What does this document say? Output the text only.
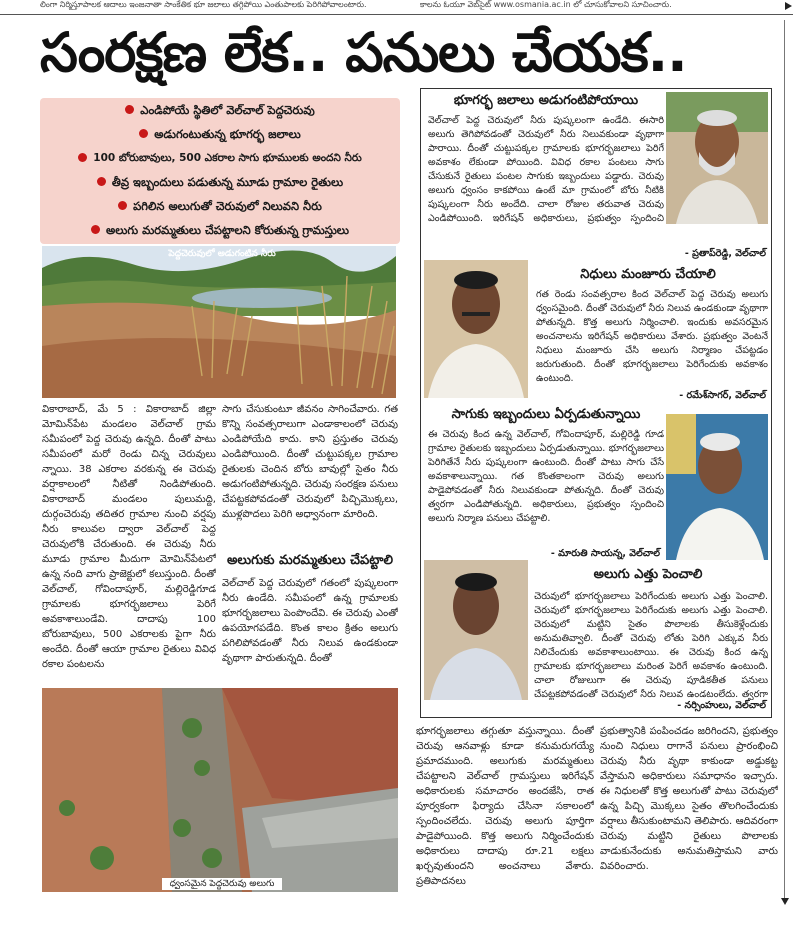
లింగా నిర్మిస్తూపాలక ఆదాలు ఇంజనాతా సాంకేతిక భూ జలాలు తగ్గిపోయి ఎంతుపాలకు పెరిగిపోవాలంటారు.	కాలను ఓయూ వెబ్‌సైట్ www.osmania.ac.in లో చూసుకోవాలని సూచించారు.
సంరక్షణ లేక.. పనులు చేయక..
ఎండిపోయే స్థితిలో వెల్‌చాల్ పెద్దచెరువు
అడుగంటుతున్న భూగర్భ జలాలు
100 బోరుబావులు, 500 ఎకరాల సాగు భూములకు అందని నీరు
తీవ్ర ఇబ్బందులు పడుతున్న మూడు గ్రామాల రైతులు
పగిలిన అలుగుతో చెరువులో నిలువని నీరు
అలుగు మరమ్మతులు చేపట్టాలని కోరుతున్న గ్రామస్తులు
పెద్దచెరువులో అడుగంటిన నీరు
వికారాబాద్, మే 5 : వికారాబాద్ జిల్లా మోమిన్‌పేట మండలం వెల్‌చాల్ గ్రామ సమీపంలో పెద్ద చెరువు ఉన్నది. దీంతో పాటు సమీపంలో మరో రెండు చిన్న చెరువులు న్నాయి. 38 ఎకరాల వరకున్న ఈ చెరువు వర్షాకాలంలో నీటితో నిండిపోతుంది. వికారాబాద్ మండలం పులుమద్ది, దుర్గంచెరువు తదితర గ్రామాల నుంచి వర్షపు నీరు కాలువల ద్వారా వెల్‌చాల్ పెద్ద చెరువులోకి చేరుతుంది. ఈ చెరువు నీరు మూడు గ్రామాల మీదుగా మోమిన్‌పేటలో ఉన్న నంది వాగు ప్రాజెక్టులో కలుస్తుంది. దీంతో వెల్‌చాల్, గోవిందాపూర్, మల్లిరెడ్డిగూడ గ్రామాలకు భూగర్భజలాలు పెరిగే అవకాశాలుండేవి. దాదాపు 100 బోరుబావులు, 500 ఎకరాలకు పైగా నీరు అందేది. దీంతో ఆయా గ్రామాల రైతులు వివిధ రకాల పంటలను
సాగు చేసుకుంటూ జీవనం సాగించేవారు. గత కొన్ని సంవత్సరాలుగా ఎండాకాలంలో చెరువు ఎండిపోయేది కాదు. కాని ప్రస్తుతం చెరువు ఎండిపోయింది. దీంతో చుట్టుపక్కల గ్రామాల రైతులకు చెందిన బోరు బావుల్లో సైతం నీరు అడుగంటిపోతున్నది. చెరువు సంరక్షణ పనులు చేపట్టకపోవడంతో చెరువులో పిచ్చిమొక్కలు, ముళ్లపొదలు పెరిగి అధ్వానంగా మారింది.
అలుగుకు మరమ్మతులు చేపట్టాలి
వెల్‌చాల్ పెద్ద చెరువులో గతంలో పుష్కలంగా నీరు ఉండేది. సమీపంలో ఉన్న గ్రామాలకు భూగర్భజలాలు పెంపొందేవి. ఈ చెరువు ఎంతో ఉపయోగపడేది. కొంత కాలం క్రితం అలుగు పగిలిపోవడంతో నీరు నిలువ ఉండకుండా వృథాగా పారుతున్నది. దీంతో
ధ్వంసమైన పెద్దచెరువు అలుగు
భూగర్భ జలాలు అడుగంటిపోయాయి
వెల్‌చాల్ పెద్ద చెరువులో నీరు పుష్కలంగా ఉండేది. ఈసారి అలుగు తెగిపోవడంతో చెరువులో నీరు నిలువకుండా వృథాగా పారాయి. దీంతో చుట్టుపక్కల గ్రామాలకు భూగర్భజలాలు పెరిగే అవకాశం లేకుండా పోయింది. వివిధ రకాల పంటలు సాగు చేసుకునే రైతులు పంటల సాగుకు ఇబ్బందులు పడ్డారు. చెరువు అలుగు ధ్వంసం కాకపోయి ఉంటే మా గ్రామంలో బోరు నీటికి పుష్కలంగా నీరు అందేది. చాలా రోజుల తరువాత చెరువు ఎండిపోయింది. ఇరిగేషన్ అధికారులు, ప్రభుత్వం స్పందించి
- ప్రతాప్‌రెడ్డి, వెల్‌చాల్
నిధులు మంజూరు చేయాలి
గత రెండు సంవత్సరాల కింద వెల్‌చాల్ పెద్ద చెరువు అలుగు ధ్వంసమైంది. దీంతో చెరువులో నీరు నిలువ ఉండకుండా వృథాగా పోతున్నది. కొత్త అలుగు నిర్మించాలి. ఇందుకు అవసరమైన అంచనాలను ఇరిగేషన్ అధికారులు వేశారు. ప్రభుత్వం వెంటనే నిధులు మంజూరు చేసి అలుగు నిర్మాణం చేపట్టడం జరుగుతుంది. దీంతో భూగర్భజలాలు పెరిగేందుకు అవకాశం ఉంటుంది.
- రమేశ్‌సాగర్, వెల్‌చాల్
సాగుకు ఇబ్బందులు ఏర్పడుతున్నాయి
ఈ చెరువు కింద ఉన్న వెల్‌చాల్, గోవిందాపూర్, మల్లిరెడ్డి గూడ గ్రామాల రైతులకు ఇబ్బందులు ఏర్పడుతున్నాయి. భూగర్భజలాలు పెరిగితేనే నీరు పుష్కలంగా ఉంటుంది. దీంతో పాటు సాగు చేసే అవకాశాలున్నాయి. గత కొంతకాలంగా చెరువు అలుగు పాడైపోవడంతో నీరు నిలువకుండా పోతున్నది. దీంతో చెరువు త్వరగా ఎండిపోతున్నది. అధికారులు, ప్రభుత్వం స్పందించి అలుగు నిర్మాణ పనులు చేపట్టాలి.
- మారుతి సాయన్న, వెల్‌చాల్
అలుగు ఎత్తు పెంచాలి
చెరువులో భూగర్భజలాలు పెరిగేందుకు అలుగు ఎత్తు పెంచాలి. చెరువులో భూగర్భజలాలు పెరిగేందుకు అలుగు ఎత్తు పెంచాలి. చెరువులో మట్టిని సైతం పొలాలకు తీసుకెళ్లేందుకు అనుమతివ్వాలి. దీంతో చెరువు లోతు పెరిగి ఎక్కువ నీరు నిలిచేందుకు అవకాశాలుంటాయి. ఈ చెరువు కింద ఉన్న గ్రామాలకు భూగర్భజలాలు మరింత పెరిగే అవకాశం ఉంటుంది. చాలా రోజులుగా ఈ చెరువు పూడికతీత పనులు చేపట్టకపోవడంతో చెరువులో నీరు నిలువ ఉండటంలేదు. త్వరగా
- నర్సింహులు, వెల్‌చాల్
భూగర్భజలాలు తగ్గుతూ వస్తున్నాయి. దీంతో చెరువు ఆనవాళ్లు కూడా కనుమరుగయ్యే ప్రమాదముంది. అలుగుకు మరమ్మతులు చేపట్టాలని వెల్‌చాల్ గ్రామస్తులు ఇరిగేషన్ అధికారులకు సమాచారం అందజేసి, రాత పూర్వకంగా ఫిర్యాదు చేసినా సకాలంలో స్పందించలేదు. చెరువు అలుగు పూర్తిగా పాడైపోయింది. కొత్త అలుగు నిర్మించేందుకు అధికారులు దాదాపు రూ.21 లక్షలు ఖర్చవుతుందని అంచనాలు వేశారు. ప్రతిపాదనలు
ప్రభుత్వానికి పంపించడం జరిగిందని, ప్రభుత్వం నుంచి నిధులు రాగానే పనులు ప్రారంభించి చెరువు నీరు వృథా కాకుండా అడ్డుకట్ట వేస్తామని అధికారులు సమాధానం ఇచ్చారు. ఈ నిధులతో కొత్త అలుగుతో పాటు చెరువులో ఉన్న పిచ్చి మొక్కలు సైతం తొలగించేందుకు వర్షాలు తీసుకుంటామని తెలిపారు. ఆదివరంగా చెరువు మట్టిని రైతులు పొలాలకు వాడుకునేందుకు అనుమతిస్తామని వారు వివరించారు.
